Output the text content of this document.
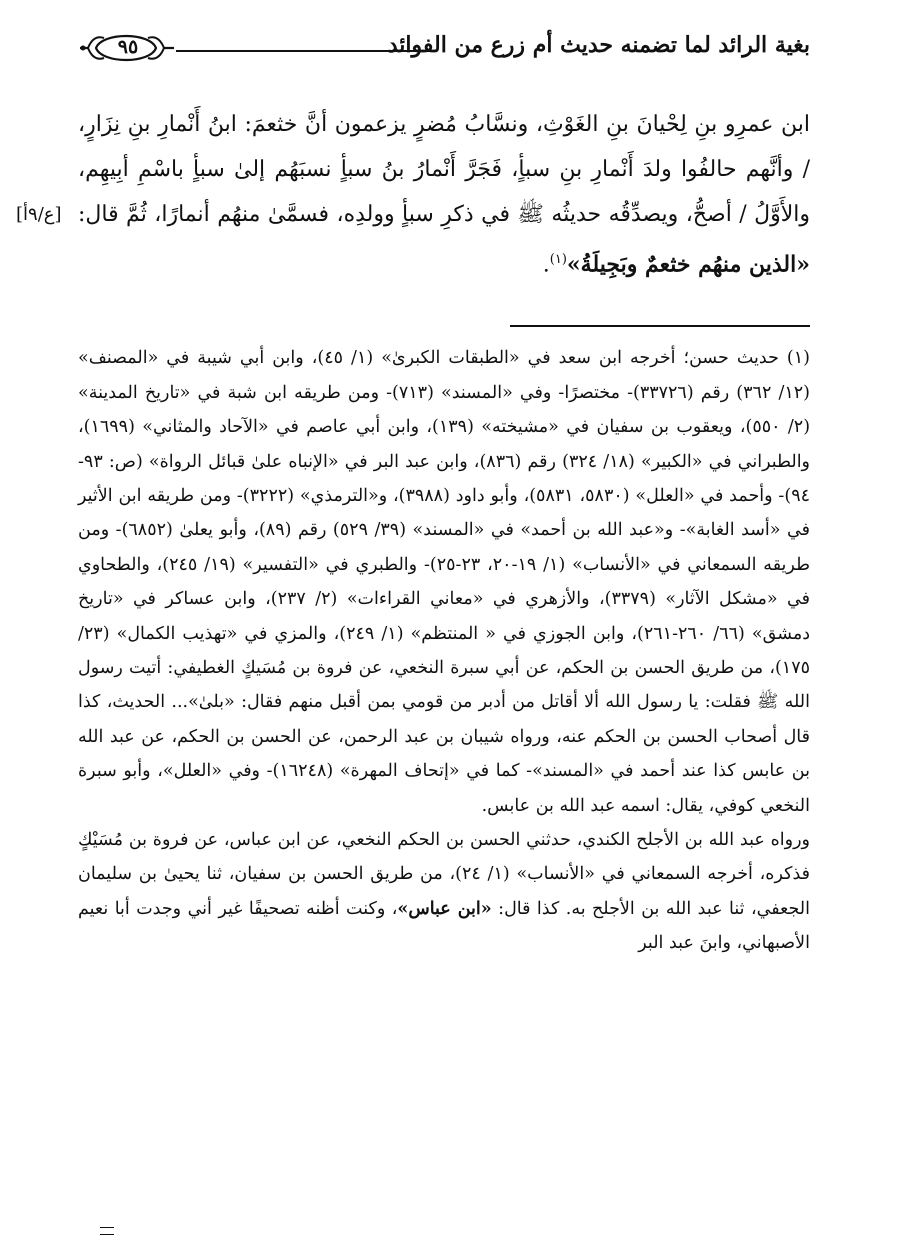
بغية الرائد لما تضمنه حديث أم زرع من الفوائد
٩٥
[ع/٩أ]

ابن عمرِو بنِ لِحْيانَ بنِ الغَوْثِ، ونسَّابُ مُضرٍ يزعمون أنَّ خثعمَ: ابنُ أَنْمارِ بنِ نِزَارٍ، / وأنَّهم حالفُوا ولدَ أَنْمارِ بنِ سبأٍ، فَجَرَّ أَنْمارُ بنُ سبأٍ نسبَهُم إلىٰ سبأٍ باسْمِ أبِيهِم، والأَوَّلُ / أصحُّ، ويصدِّقُه حديثُه ﷺ في ذكرِ سبأٍ وولدِه، فسمَّىٰ منهُم أنمارًا، ثُمَّ قال: «الذين منهُم خثعمٌ وبَجِيلَةُ»$^{(١)}$.

(١) حديث حسن؛ أخرجه ابن سعد في «الطبقات الكبرىٰ» (١/ ٤٥)، وابن أبي شيبة في «المصنف» (١٢/ ٣٦٢) رقم (٣٣٧٢٦)- مختصرًا- وفي «المسند» (٧١٣)- ومن طريقه ابن شبة في «تاريخ المدينة» (٢/ ٥٥٠)، ويعقوب بن سفيان في «مشيخته» (١٣٩)، وابن أبي عاصم في «الآحاد والمثاني» (١٦٩٩)، والطبراني في «الكبير» (١٨/ ٣٢٤) رقم (٨٣٦)، وابن عبد البر في «الإنباه علىٰ قبائل الرواة» (ص: ٩٣- ٩٤)- وأحمد في «العلل» (٥٨٣٠، ٥٨٣١)، وأبو داود (٣٩٨٨)، و«الترمذي» (٣٢٢٢)- ومن طريقه ابن الأثير في «أسد الغابة»- و«عبد الله بن أحمد» في «المسند» (٣٩/ ٥٢٩) رقم (٨٩)، وأبو يعلىٰ (٦٨٥٢)- ومن طريقه السمعاني في «الأنساب» (١/ ١٩-٢٠، ٢٣-٢٥)- والطبري في «التفسير» (١٩/ ٢٤٥)، والطحاوي في «مشكل الآثار» (٣٣٧٩)، والأزهري في «معاني القراءات» (٢/ ٢٣٧)، وابن عساكر في «تاريخ دمشق» (٦٦/ ٢٦٠-٢٦١)، وابن الجوزي في « المنتظم» (١/ ٢٤٩)، والمزي في «تهذيب الكمال» (٢٣/ ١٧٥)، من طريق الحسن بن الحكم، عن أبي سبرة النخعي، عن فروة بن مُسَيكٍ الغطيفي: أتيت رسول الله ﷺ فقلت: يا رسول الله ألا أقاتل من أدبر من قومي بمن أقبل منهم فقال: «بلىٰ»... الحديث، كذا قال أصحاب الحسن بن الحكم عنه، ورواه شيبان بن عبد الرحمن، عن الحسن بن الحكم، عن عبد الله بن عابس كذا عند أحمد في «المسند»- كما في «إتحاف المهرة» (١٦٢٤٨)- وفي «العلل»، وأبو سبرة النخعي كوفي، يقال: اسمه عبد الله بن عابس.

ورواه عبد الله بن الأجلح الكندي، حدثني الحسن بن الحكم النخعي، عن ابن عباس، عن فروة بن مُسَيْكٍ فذكره، أخرجه السمعاني في «الأنساب» (١/ ٢٤)، من طريق الحسن بن سفيان، ثنا يحيىٰ بن سليمان الجعفي، ثنا عبد الله بن الأجلح به. كذا قال: «ابن عباس»، وكنت أظنه تصحيفًا غير أني وجدت أبا نعيم الأصبهاني، وابنَ عبد البر
